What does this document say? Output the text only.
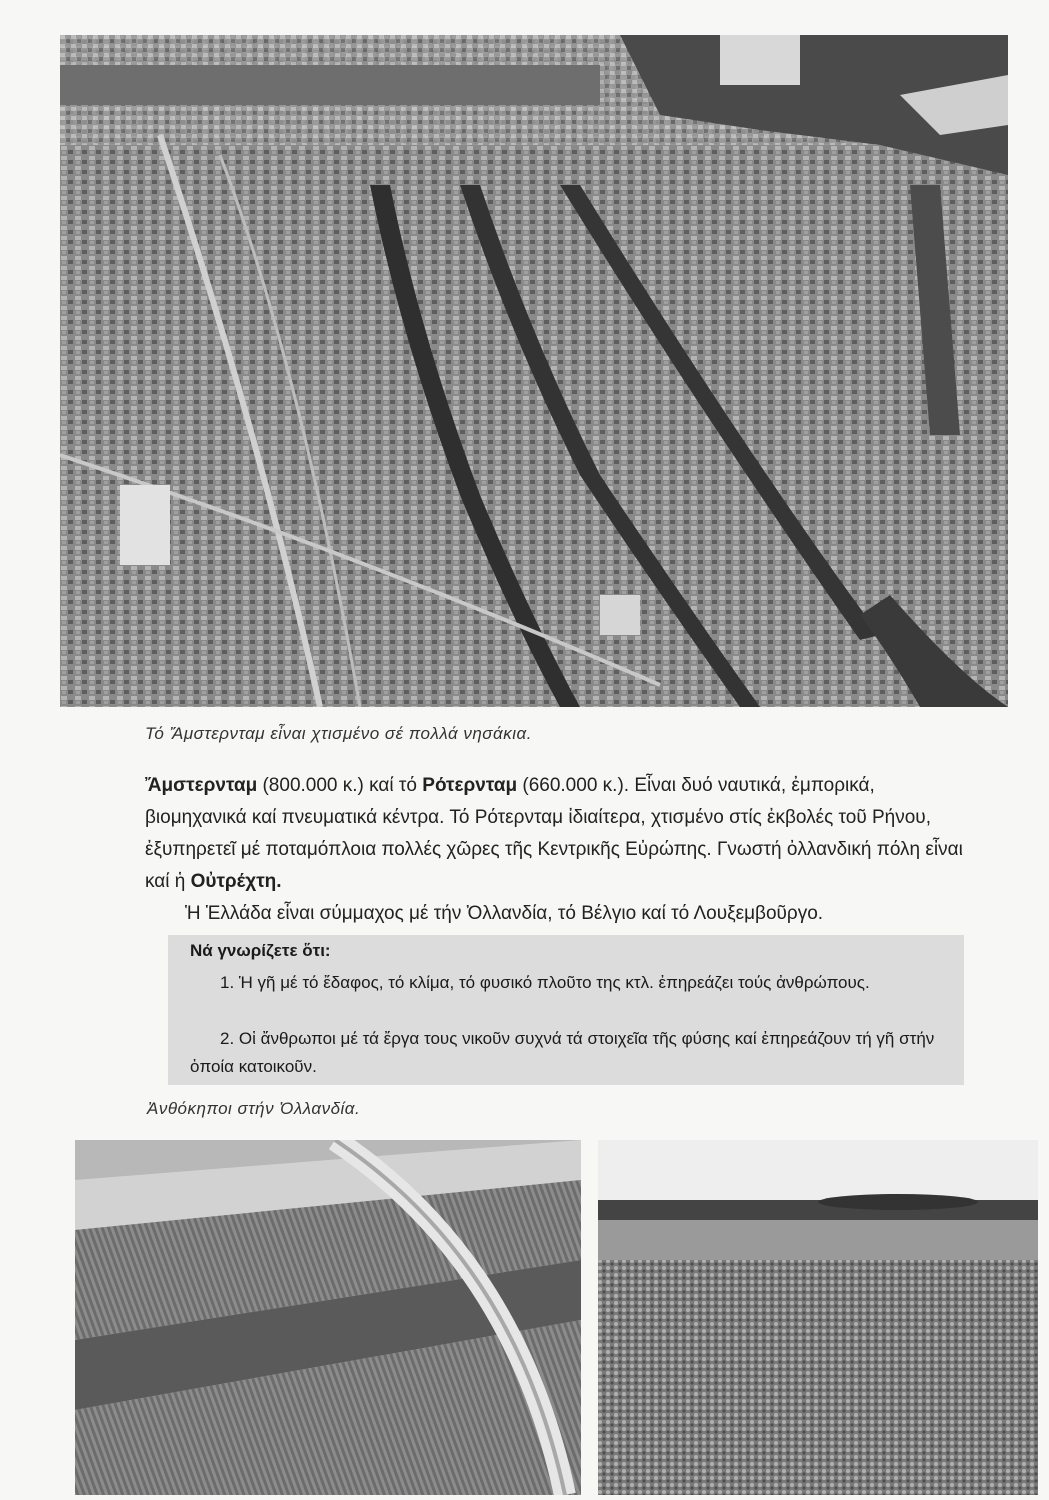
Τό Ἄμστερνταμ εἶναι χτισμένο σέ πολλά νησάκια.

Ἄμστερνταμ (800.000 κ.) καί τό Ρότερνταμ (660.000 κ.). Εἶναι δυό ναυτικά, ἐμπορικά, βιομηχανικά καί πνευματικά κέντρα. Τό Ρότερνταμ ἰδιαίτερα, χτισμένο στίς ἐκβολές τοῦ Ρήνου, ἐξυπηρετεῖ μέ ποταμόπλοια πολλές χῶρες τῆς Κεντρικῆς Εὐρώπης. Γνωστή ὀλλανδική πόλη εἶναι καί ἡ Οὐτρέχτη.

Ἡ Ἑλλάδα εἶναι σύμμαχος μέ τήν Ὀλλανδία, τό Βέλγιο καί τό Λουξεμβοῦργο.

Νά γνωρίζετε ὅτι:
1. Ἡ γῆ μέ τό ἔδαφος, τό κλίμα, τό φυσικό πλοῦτο της κτλ. ἐπηρεάζει τούς ἀνθρώπους.
2. Οἱ ἄνθρωποι μέ τά ἔργα τους νικοῦν συχνά τά στοιχεῖα τῆς φύσης καί ἐπηρεάζουν τή γῆ στήν ὁποία κατοικοῦν.
Ἀνθόκηποι στήν Ὀλλανδία.
